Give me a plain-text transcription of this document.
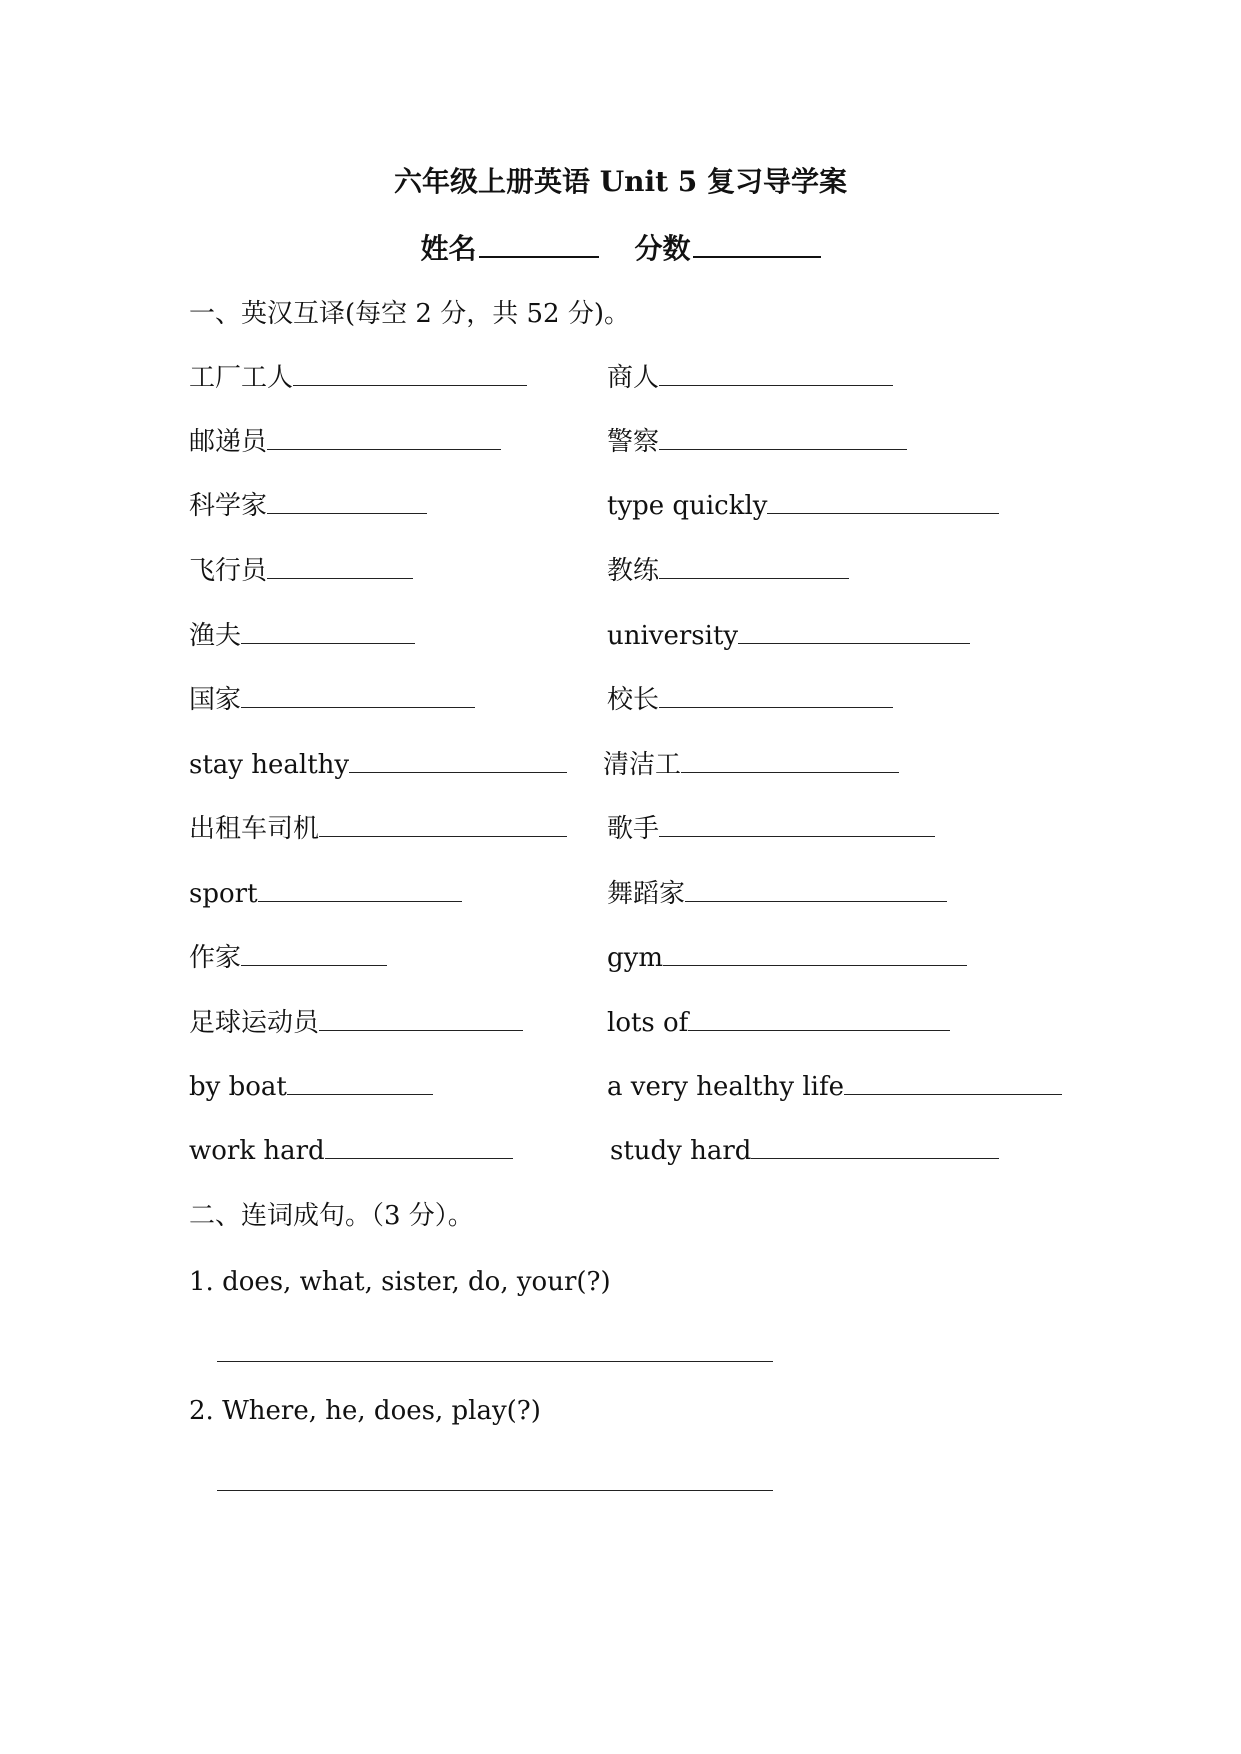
六年级上册英语 Unit 5 复习导学案
姓名	分数
一、英汉互译(每空 2 分，共 52 分)。
工厂工人
邮递员
科学家
飞行员
渔夫
国家
stay healthy
出租车司机
sport
作家
足球运动员
by boat
work hard
商人
警察
type quickly
教练
university
校长
清洁工
歌手
舞蹈家
gym
lots of
a very healthy life
study hard
二、连词成句。（3 分）。
1. does, what, sister, do, your(?)
2. Where, he, does, play(?)
